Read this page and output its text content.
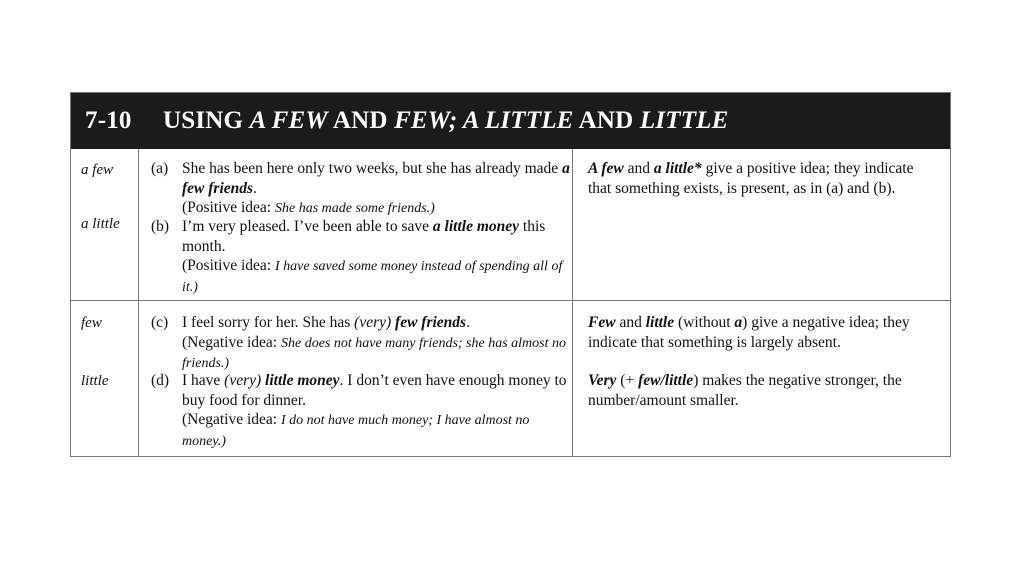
7-10	USING A FEW AND FEW; A LITTLE AND LITTLE
a few
a little
(a) She has been here only two weeks, but she has already made a few friends.
(Positive idea: She has made some friends.)
(b) I’m very pleased. I’ve been able to save a little money this month.
(Positive idea: I have saved some money instead of spending all of it.)
A few and a little* give a positive idea; they indicate that something exists, is present, as in (a) and (b).
few
little
(c) I feel sorry for her. She has (very) few friends.
(Negative idea: She does not have many friends; she has almost no friends.)
(d) I have (very) little money. I don’t even have enough money to buy food for dinner.
(Negative idea: I do not have much money; I have almost no money.)
Few and little (without a) give a negative idea; they indicate that something is largely absent.
Very (+ few/little) makes the negative stronger, the number/amount smaller.
